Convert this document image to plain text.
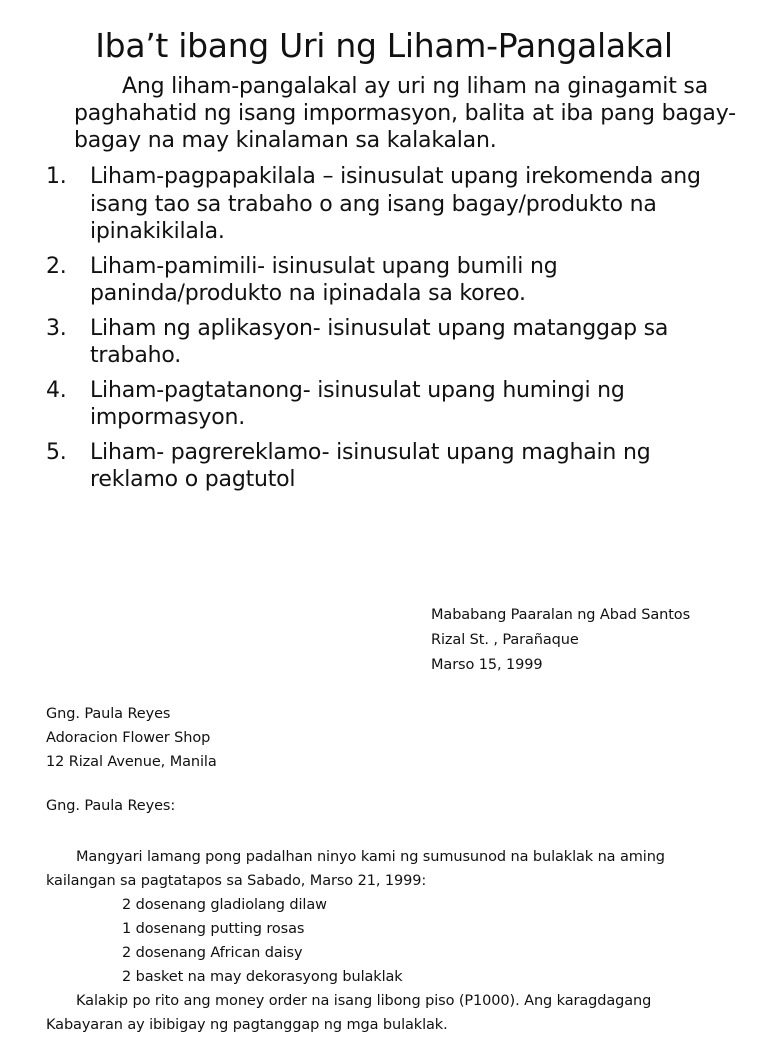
Iba’t ibang Uri ng Liham-Pangalakal
Ang liham-pangalakal ay uri ng liham na ginagamit sa paghahatid ng isang impormasyon, balita at iba pang bagay-bagay na may kinalaman sa kalakalan.
1. Liham-pagpapakilala – isinusulat upang irekomenda ang isang tao sa trabaho o ang isang bagay/produkto na ipinakikilala.
2. Liham-pamimili- isinusulat upang bumili ng paninda/produkto na ipinadala sa koreo.
3. Liham ng aplikasyon- isinusulat upang matanggap sa trabaho.
4. Liham-pagtatanong- isinusulat upang humingi ng impormasyon.
5. Liham- pagrereklamo- isinusulat upang maghain ng reklamo o pagtutol
Mababang Paaralan ng Abad Santos
Rizal St. , Parañaque
Marso 15, 1999
Gng. Paula Reyes
Adoracion Flower Shop
12 Rizal Avenue, Manila
Gng. Paula Reyes:
Mangyari lamang pong padalhan ninyo kami ng sumusunod na bulaklak na aming
kailangan sa pagtatapos sa Sabado, Marso 21, 1999:
2 dosenang gladiolang dilaw
1 dosenang putting rosas
2 dosenang African daisy
2 basket na may dekorasyong bulaklak
Kalakip po rito ang money order na isang libong piso (P1000). Ang karagdagang
Kabayaran ay ibibigay ng pagtanggap ng mga bulaklak.
